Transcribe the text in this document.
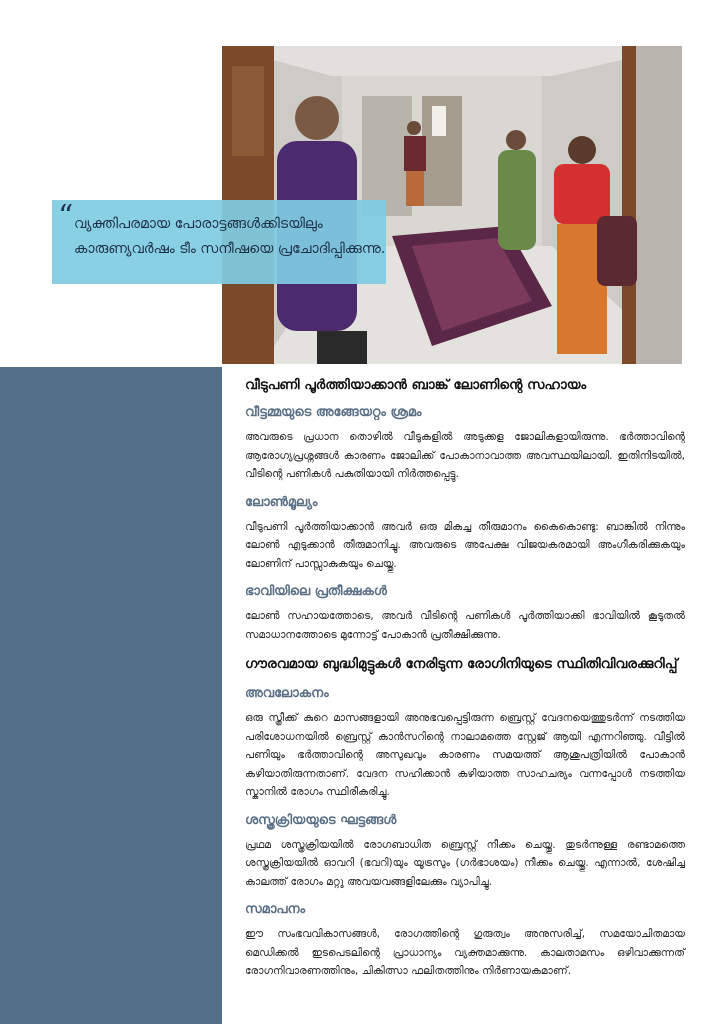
“ വ്യക്തിപരമായ പോരാട്ടങ്ങൾക്കിടയിലും
കാരുണ്യവർഷം ടീം സനീഷയെ പ്രചോദിപ്പിക്കുന്നു.
വീടുപണി പൂർത്തിയാക്കാൻ ബാങ്ക് ലോണിന്റെ സഹായം
വീട്ടമ്മയുടെ അങ്ങേയറ്റം ശ്രമം

അവരുടെ പ്രധാന തൊഴിൽ വീടുകളിൽ അടുക്കള ജോലികളായിരുന്നു. ഭർത്താവിന്റെ ആരോഗ്യപ്രശ്നങ്ങൾ കാരണം ജോലിക്ക് പോകാനാവാത്ത അവസ്ഥയിലായി. ഇതിനിടയിൽ, വീടിന്റെ പണികൾ പകുതിയായി നിർത്തപ്പെട്ടു.

ലോൺമൂല്യം

വീടുപണി പൂർത്തിയാക്കാൻ അവർ ഒരു മികച്ച തീരുമാനം കൈകൊണ്ടു: ബാങ്കിൽ നിന്നും ലോൺ എടുക്കാൻ തീരുമാനിച്ചു. അവരുടെ അപേക്ഷ വിജയകരമായി അംഗീകരിക്കുകയും ലോണിന് പാസ്സാകുകയും ചെയ്തു.

ഭാവിയിലെ പ്രതീക്ഷകൾ

ലോൺ സഹായത്തോടെ, അവർ വീടിന്റെ പണികൾ പൂർത്തിയാക്കി ഭാവിയിൽ കൂടുതൽ സമാധാനത്തോടെ മുന്നോട്ട് പോകാൻ പ്രതീക്ഷിക്കുന്നു.

ഗൗരവമായ ബുദ്ധിമുട്ടുകൾ നേരിടുന്ന രോഗിനിയുടെ സ്ഥിതിവിവരക്കുറിപ്പ്
അവലോകനം

ഒരു സ്ത്രീക്ക് കുറെ മാസങ്ങളായി അനുഭവപ്പെട്ടിരുന്ന ബ്രെസ്റ്റ് വേദനയെത്തുടർന്ന് നടത്തിയ പരിശോധനയിൽ ബ്രെസ്റ്റ് കാൻസറിന്റെ നാലാമത്തെ സ്റ്റേജ് ആയി എന്നറിഞ്ഞു. വീട്ടിൽ പണിയും ഭർത്താവിന്റെ അസുഖവും കാരണം സമയത്ത് ആശുപത്രിയിൽ പോകാൻ കഴിയാതിരുന്നതാണ്. വേദന സഹിക്കാൻ കഴിയാത്ത സാഹചര്യം വന്നപ്പോൾ നടത്തിയ സ്കാനിൽ രോഗം സ്ഥിരീകരിച്ചു.

ശസ്ത്രക്രിയയുടെ ഘട്ടങ്ങൾ

പ്രഥമ ശസ്ത്രക്രിയയിൽ രോഗബാധിത ബ്രെസ്റ്റ് നീക്കം ചെയ്തു. തുടർന്നുള്ള രണ്ടാമത്തെ ശസ്ത്രക്രിയയിൽ ഓവറി (ഭവറി)യും യൂട്രസും (ഗർഭാശയം) നീക്കം ചെയ്തു. എന്നാൽ, ശേഷിച്ച കാലത്ത് രോഗം മറ്റു അവയവങ്ങളിലേക്കും വ്യാപിച്ചു.

സമാപനം

ഈ സംഭവവികാസങ്ങൾ, രോഗത്തിന്റെ ഗുരുത്വം അനുസരിച്ച്, സമയോചിതമായ മെഡിക്കൽ ഇടപെടലിന്റെ പ്രാധാന്യം വ്യക്തമാക്കുന്നു. കാലതാമസം ഒഴിവാക്കുന്നത് രോഗനിവാരണത്തിനും, ചികിത്സാ ഫലിതത്തിനും നിർണായകമാണ്.
